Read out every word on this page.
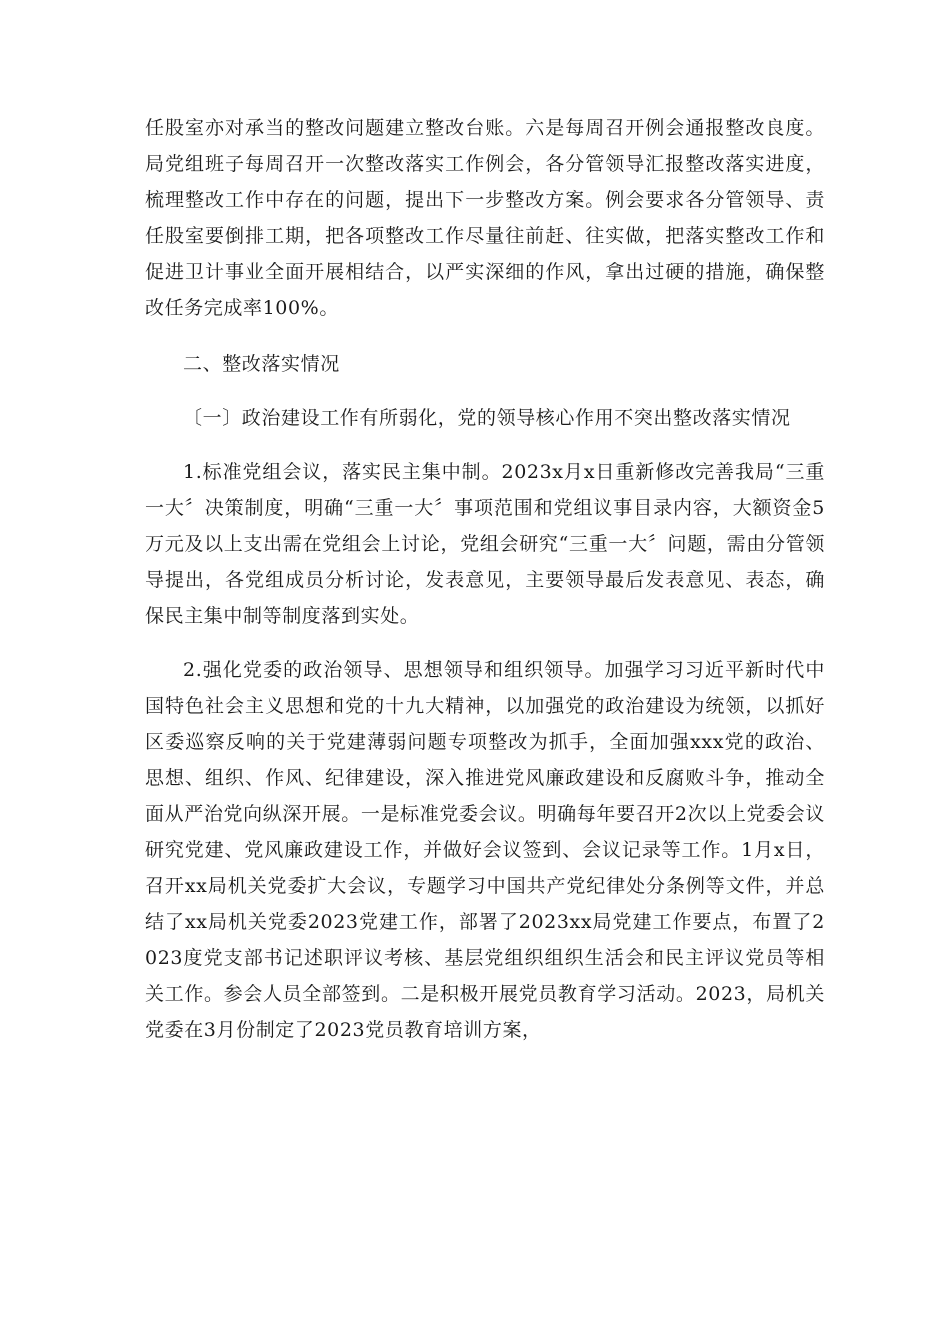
任股室亦对承当的整改问题建立整改台账。六是每周召开例会通报整改良度。局党组班子每周召开一次整改落实工作例会，各分管领导汇报整改落实进度，梳理整改工作中存在的问题，提出下一步整改方案。例会要求各分管领导、责任股室要倒排工期，把各项整改工作尽量往前赶、往实做，把落实整改工作和促进卫计事业全面开展相结合，以严实深细的作风，拿出过硬的措施，确保整改任务完成率100%。

二、整改落实情况

〔一〕政治建设工作有所弱化，党的领导核心作用不突出整改落实情况

1.标准党组会议，落实民主集中制。2023x月x日重新修改完善我局“三重一大〞决策制度，明确“三重一大〞事项范围和党组议事目录内容，大额资金5万元及以上支出需在党组会上讨论，党组会研究“三重一大〞问题，需由分管领导提出，各党组成员分析讨论，发表意见，主要领导最后发表意见、表态，确保民主集中制等制度落到实处。

2.强化党委的政治领导、思想领导和组织领导。加强学习习近平新时代中国特色社会主义思想和党的十九大精神，以加强党的政治建设为统领，以抓好区委巡察反响的关于党建薄弱问题专项整改为抓手，全面加强xxx党的政治、思想、组织、作风、纪律建设，深入推进党风廉政建设和反腐败斗争，推动全面从严治党向纵深开展。一是标准党委会议。明确每年要召开2次以上党委会议研究党建、党风廉政建设工作，并做好会议签到、会议记录等工作。1月x日，召开xx局机关党委扩大会议，专题学习中国共产党纪律处分条例等文件，并总结了xx局机关党委2023党建工作，部署了2023xx局党建工作要点，布置了2023度党支部书记述职评议考核、基层党组织组织生活会和民主评议党员等相关工作。参会人员全部签到。二是积极开展党员教育学习活动。2023，局机关党委在3月份制定了2023党员教育培训方案，
